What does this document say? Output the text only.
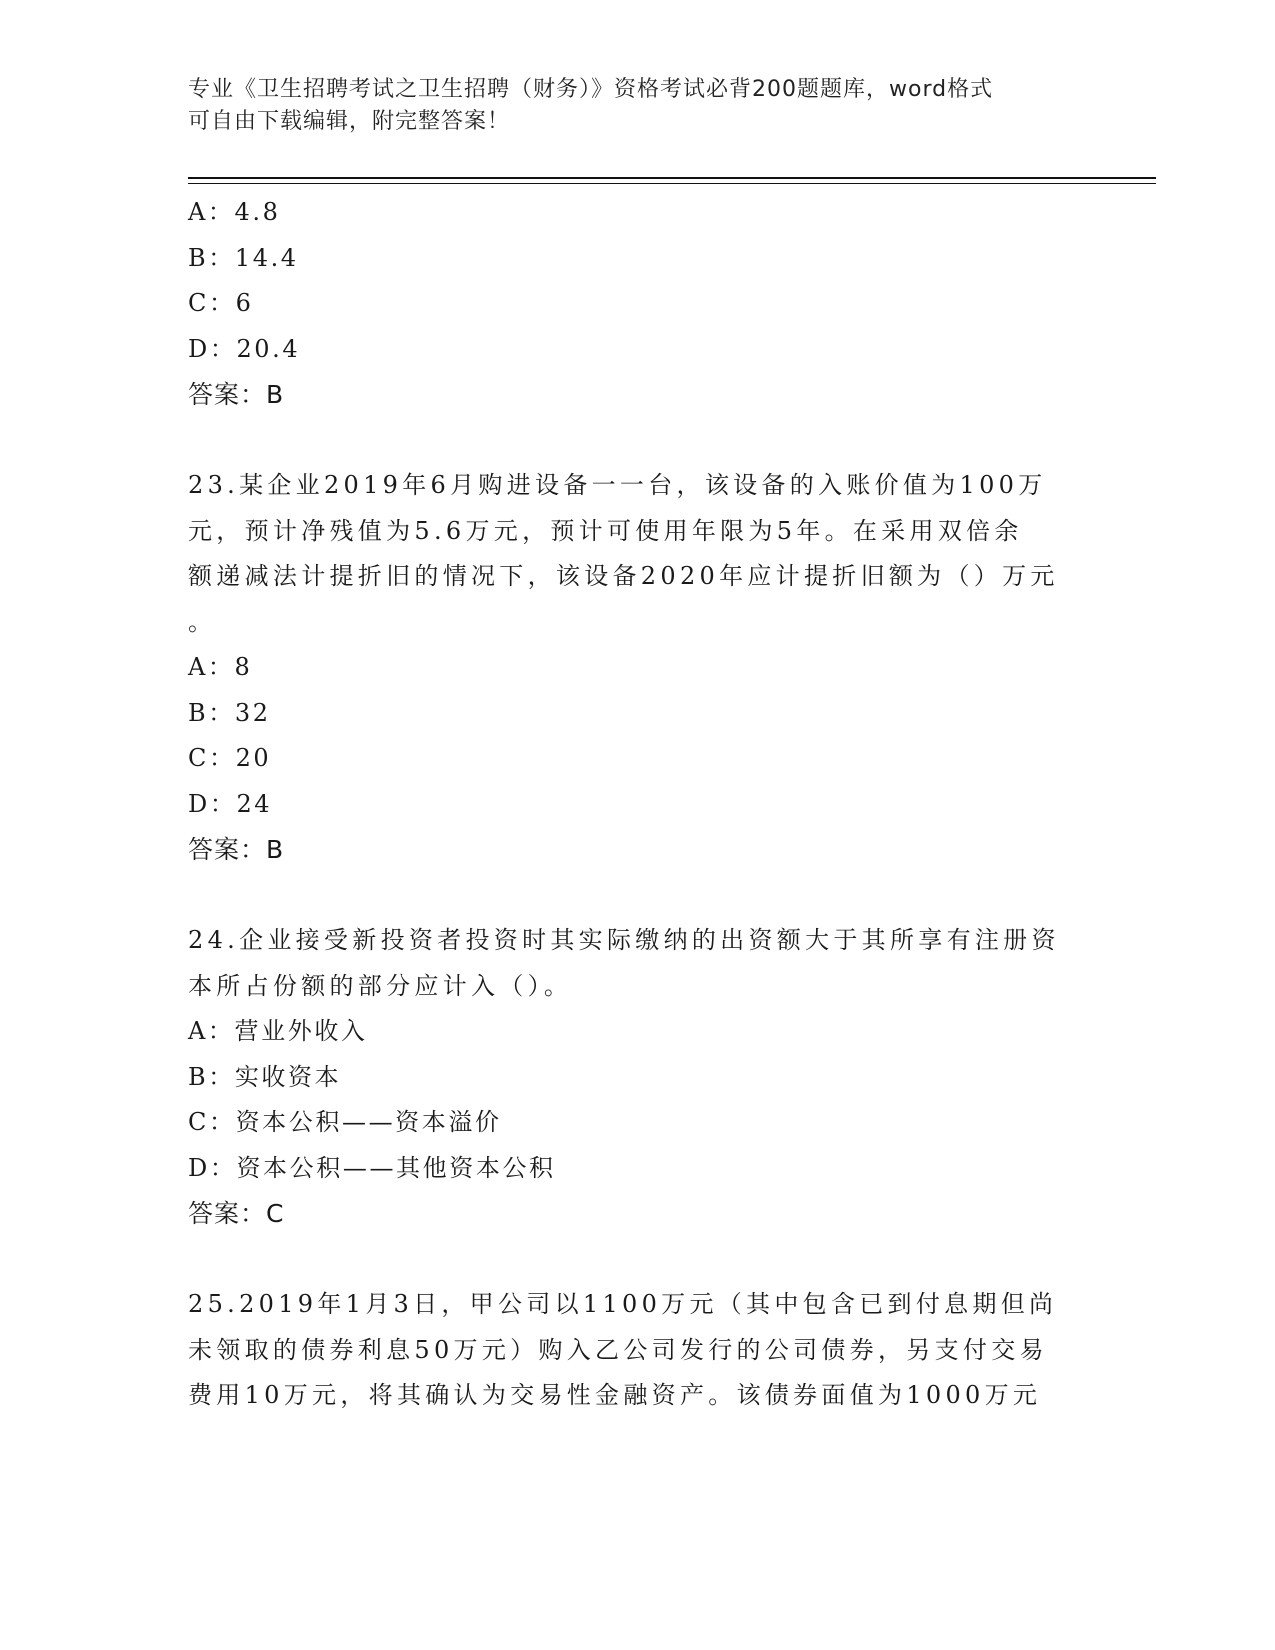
专业《卫生招聘考试之卫生招聘（财务）》资格考试必背200题题库，word格式
可自由下载编辑，附完整答案！
A：4.8
B：14.4
C：6
D：20.4
答案：B
23.某企业2019年6月购进设备一一台，该设备的入账价值为100万
元，预计净残值为5.6万元，预计可使用年限为5年。在采用双倍余
额递减法计提折旧的情况下，该设备2020年应计提折旧额为（）万元
。
A：8
B：32
C：20
D：24
答案：B
24.企业接受新投资者投资时其实际缴纳的出资额大于其所享有注册资
本所占份额的部分应计入（）。
A：营业外收入
B：实收资本
C：资本公积——资本溢价
D：资本公积——其他资本公积
答案：C
25.2019年1月3日，甲公司以1100万元（其中包含已到付息期但尚
未领取的债券利息50万元）购入乙公司发行的公司债券，另支付交易
费用10万元，将其确认为交易性金融资产。该债券面值为1000万元
